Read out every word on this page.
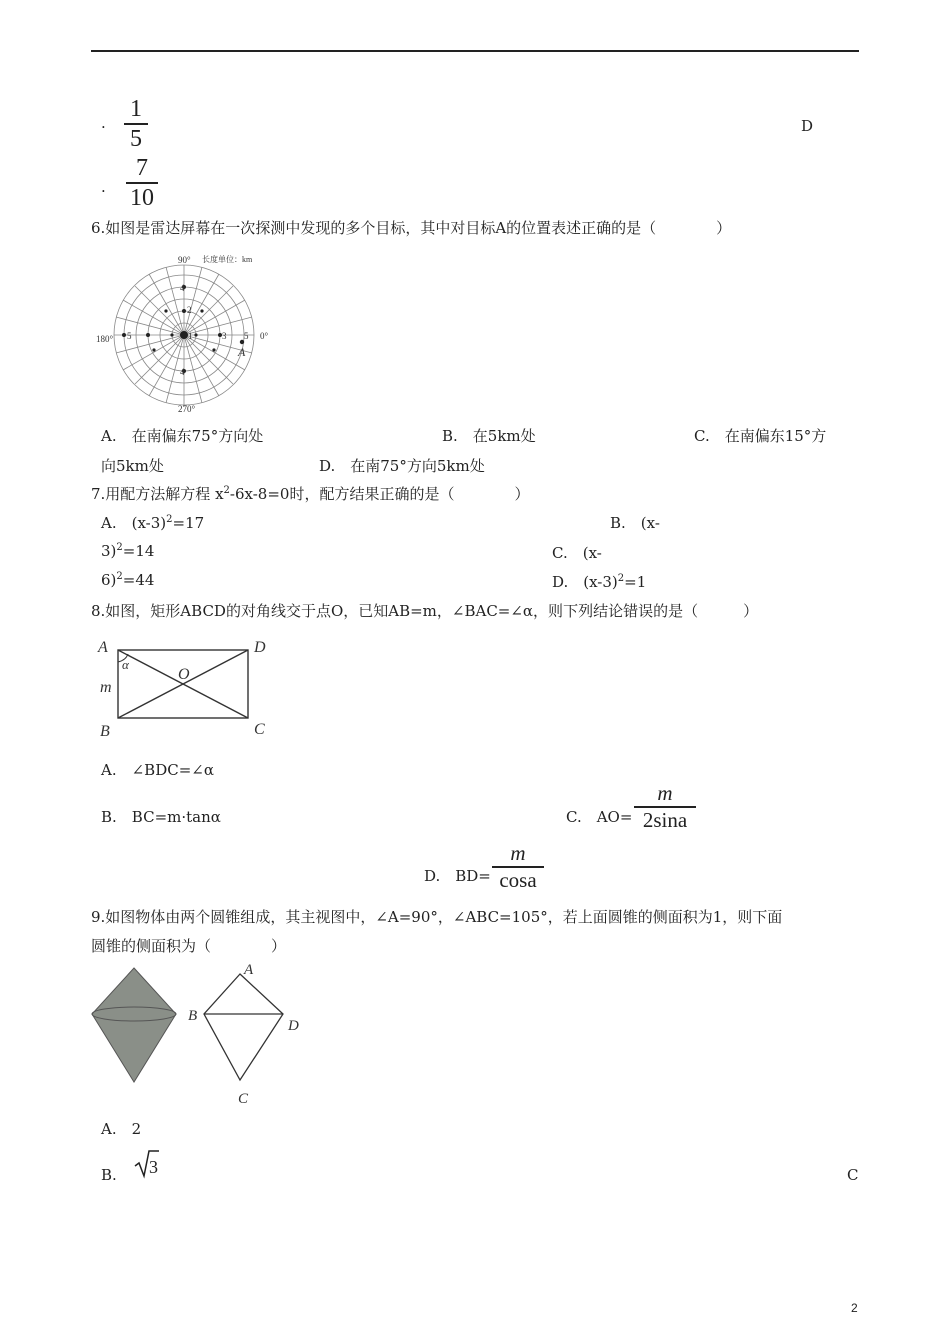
·
1
5	D
·
7
10
6.如图是雷达屏幕在一次探测中发现的多个目标，其中对目标A的位置表述正确的是（　　　　）
90° 长度单位：km
180°	0°
270°
A
1
2
3
4
5
5
4
A.　在南偏东75°方向处	B.　在5km处	C.　在南偏东15°方
向5km处	D.　在南75°方向5km处
7.用配方法解方程 $x^2-6x-8=0$时，配方结果正确的是（　　　　）
A.　$(x-3)^2=17$	B.　(x-
3)$^2$=14	C.　(x-
6)$^2$=44	D.　$(x-3)^2=1$
8.如图，矩形ABCD的对角线交于点O，已知AB=m，∠BAC=∠α，则下列结论错误的是（　　　）
A	D
B	C
O
m
α
A.　∠BDC=∠α
B.　BC=m·tanα	C.　AO=
m
2sina
D.　BD=
m
cosa
9.如图物体由两个圆锥组成，其主视图中，∠A=90°，∠ABC=105°，若上面圆锥的侧面积为1，则下面
圆锥的侧面积为（　　　　）
A
B
D
C
A.　2
B. 3	C
2
